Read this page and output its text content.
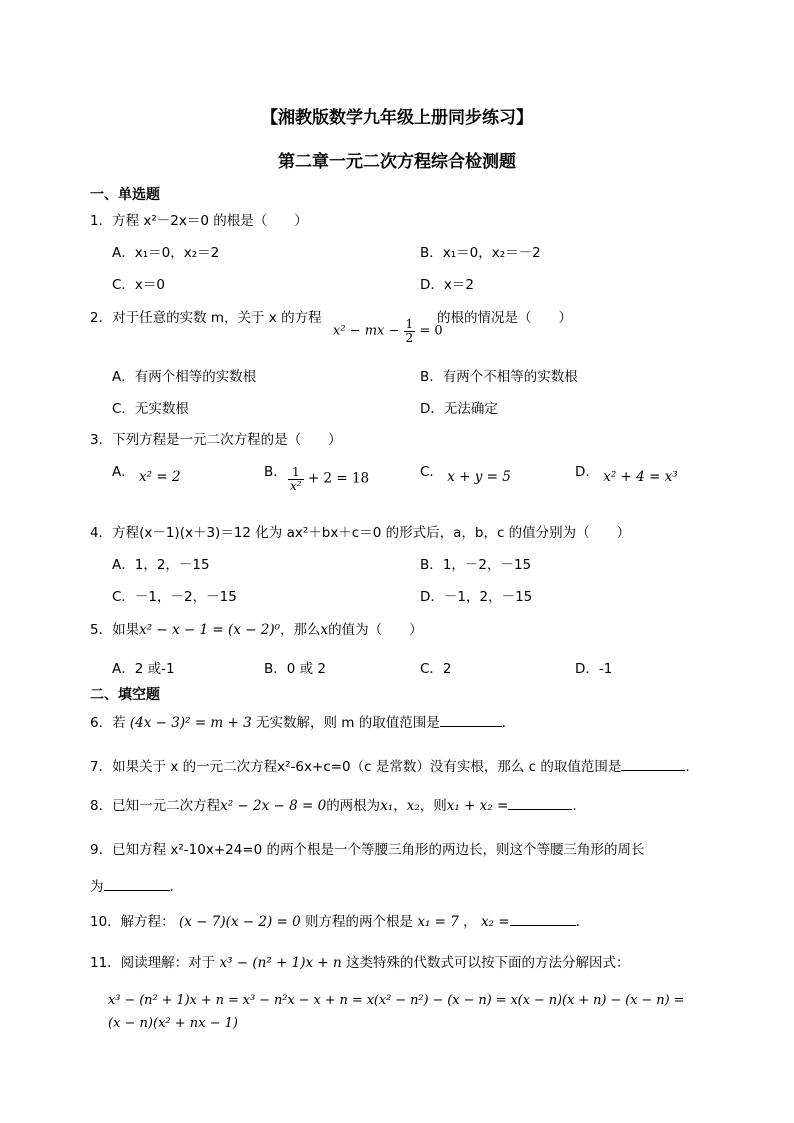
【湘教版数学九年级上册同步练习】
第二章一元二次方程综合检测题
一、单选题
1．方程 x²－2x＝0 的根是（　　）
A．x₁＝0，x₂＝2	B．x₁＝0，x₂＝－2
C．x＝0	D．x＝2
2．对于任意的实数 m，关于 x 的方程
x² − mx − $\frac{1}{2} = 0$
的根的情况是（　　）
A．有两个相等的实数根	B．有两个不相等的实数根
C．无实数根	D．无法确定
3．下列方程是一元二次方程的是（　　）
A． x² = 2	B． $\frac{1}{\text{x²}} + 2 = 18$	C． x + y = 5	D． x² + 4 = x³
4．方程(x－1)(x＋3)＝12 化为 ax²＋bx＋c＝0 的形式后，a，b，c 的值分别为（　　）
A．1，2，－15	B．1，－2，－15
C．－1，－2，－15	D．－1，2，－15
5．如果x² − x − 1 = (x − 2)⁰，那么x的值为（　　）
A．2 或-1	B．0 或 2	C．2	D．-1
二、填空题
6．若 (4x − 3)² = m + 3 无实数解，则 m 的取值范围是	．
7．如果关于 x 的一元二次方程x²-6x+c=0（c 是常数）没有实根，那么 c 的取值范围是	.
8．已知一元二次方程x² − 2x − 8 = 0的两根为x₁，x₂，则x₁ + x₂ =	.
9．已知方程 x²-10x+24=0 的两个根是一个等腰三角形的两边长，则这个等腰三角形的周长
为	．
10．解方程： (x − 7)(x − 2) = 0 则方程的两个根是 x₁ = 7 ， x₂ =	．
11．阅读理解：对于 x³ − (n² + 1)x + n 这类特殊的代数式可以按下面的方法分解因式：
x³ − (n² + 1)x + n = x³ − n²x − x + n = x(x² − n²) − (x − n) = x(x − n)(x + n) − (x − n) =
(x − n)(x² + nx − 1)
